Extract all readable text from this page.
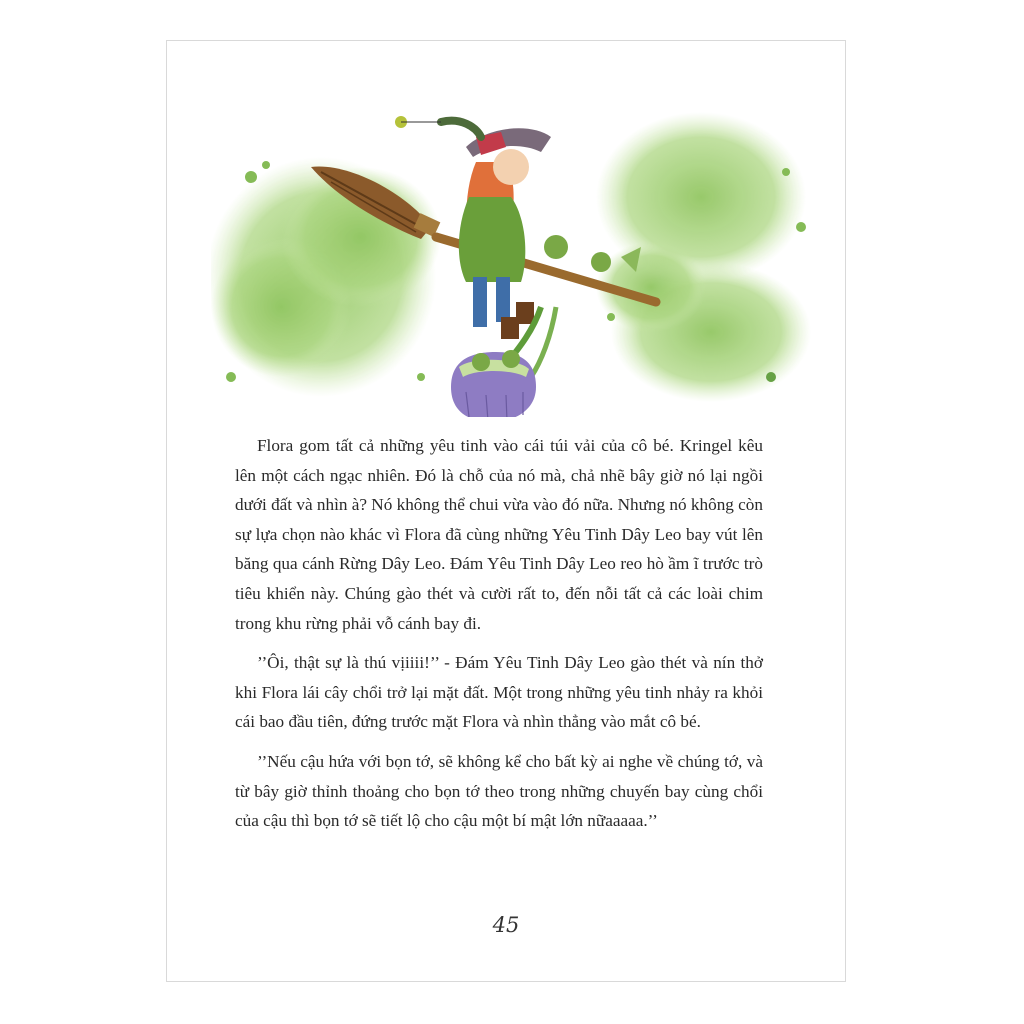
Flora gom tất cả những yêu tinh vào cái túi vải của cô bé. Kringel kêu lên một cách ngạc nhiên. Đó là chỗ của nó mà, chả nhẽ bây giờ nó lại ngồi dưới đất và nhìn à? Nó không thể chui vừa vào đó nữa. Nhưng nó không còn sự lựa chọn nào khác vì Flora đã cùng những Yêu Tinh Dây Leo bay vút lên băng qua cánh Rừng Dây Leo. Đám Yêu Tinh Dây Leo reo hò ầm ĩ trước trò tiêu khiển này. Chúng gào thét và cười rất to, đến nỗi tất cả các loài chim trong khu rừng phải vỗ cánh bay đi.

’’Ôi, thật sự là thú vịiiii!’’ - Đám Yêu Tinh Dây Leo gào thét và nín thở khi Flora lái cây chổi trở lại mặt đất. Một trong những yêu tinh nhảy ra khỏi cái bao đầu tiên, đứng trước mặt Flora và nhìn thẳng vào mắt cô bé.

’’Nếu cậu hứa với bọn tớ, sẽ không kể cho bất kỳ ai nghe về chúng tớ, và từ bây giờ thỉnh thoảng cho bọn tớ theo trong những chuyến bay cùng chổi của cậu thì bọn tớ sẽ tiết lộ cho cậu một bí mật lớn nữaaaaa.’’

45
